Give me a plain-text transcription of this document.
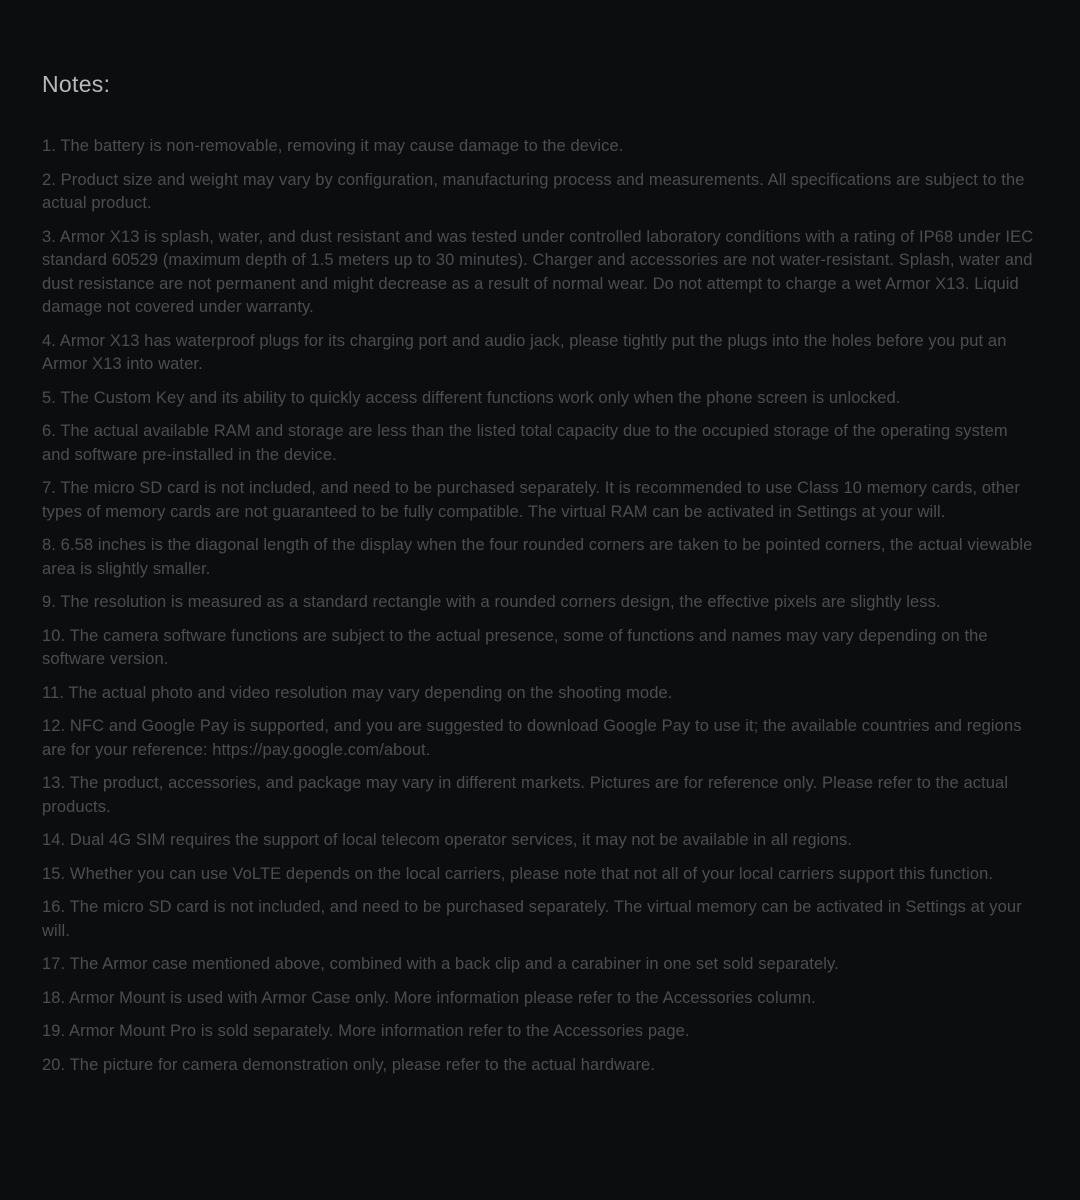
Notes:

1. The battery is non-removable, removing it may cause damage to the device.

2. Product size and weight may vary by configuration, manufacturing process and measurements. All specifications are subject to the actual product.

3. Armor X13 is splash, water, and dust resistant and was tested under controlled laboratory conditions with a rating of IP68 under IEC standard 60529 (maximum depth of 1.5 meters up to 30 minutes). Charger and accessories are not water-resistant. Splash, water and dust resistance are not permanent and might decrease as a result of normal wear. Do not attempt to charge a wet Armor X13. Liquid damage not covered under warranty.

4. Armor X13 has waterproof plugs for its charging port and audio jack, please tightly put the plugs into the holes before you put an Armor X13 into water.

5. The Custom Key and its ability to quickly access different functions work only when the phone screen is unlocked.

6. The actual available RAM and storage are less than the listed total capacity due to the occupied storage of the operating system and software pre-installed in the device.

7. The micro SD card is not included, and need to be purchased separately. It is recommended to use Class 10 memory cards, other types of memory cards are not guaranteed to be fully compatible. The virtual RAM can be activated in Settings at your will.

8. 6.58 inches is the diagonal length of the display when the four rounded corners are taken to be pointed corners, the actual viewable area is slightly smaller.

9. The resolution is measured as a standard rectangle with a rounded corners design, the effective pixels are slightly less.

10. The camera software functions are subject to the actual presence, some of functions and names may vary depending on the software version.

11. The actual photo and video resolution may vary depending on the shooting mode.

12. NFC and Google Pay is supported, and you are suggested to download Google Pay to use it; the available countries and regions are for your reference: https://pay.google.com/about.

13. The product, accessories, and package may vary in different markets. Pictures are for reference only. Please refer to the actual products.

14. Dual 4G SIM requires the support of local telecom operator services, it may not be available in all regions.

15. Whether you can use VoLTE depends on the local carriers, please note that not all of your local carriers support this function.

16. The micro SD card is not included, and need to be purchased separately. The virtual memory can be activated in Settings at your will.

17. The Armor case mentioned above, combined with a back clip and a carabiner in one set sold separately.

18. Armor Mount is used with Armor Case only. More information please refer to the Accessories column.

19. Armor Mount Pro is sold separately. More information refer to the Accessories page.

20. The picture for camera demonstration only, please refer to the actual hardware.
